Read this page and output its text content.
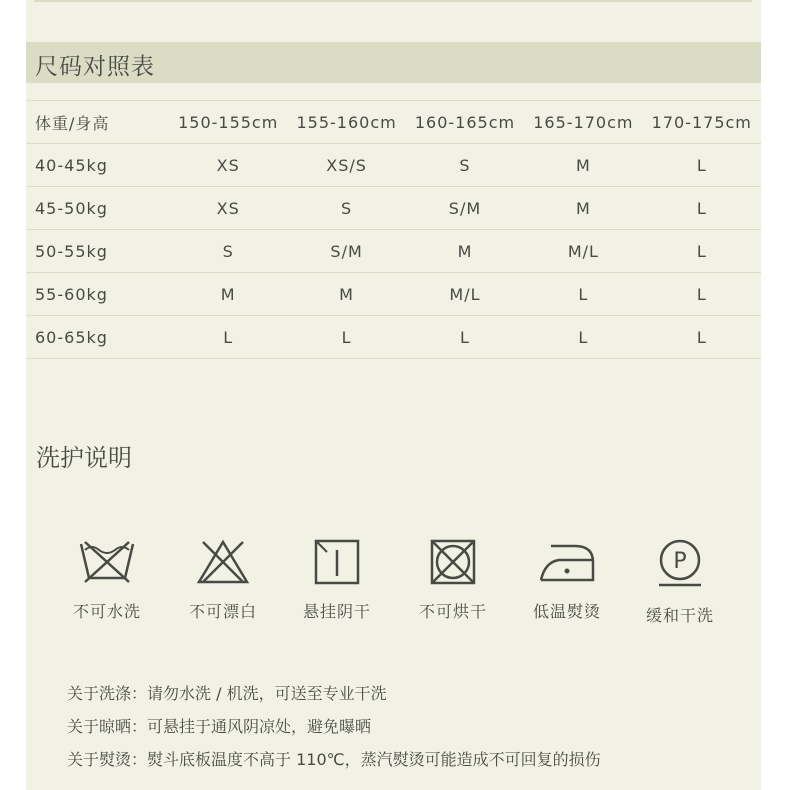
尺码对照表
体重/身高	150-155cm	155-160cm	160-165cm	165-170cm	170-175cm
40-45kg	XS	XS/S	S	M	L
45-50kg	XS	S	S/M	M	L
50-55kg	S	S/M	M	M/L	L
55-60kg	M	M	M/L	L	L
60-65kg	L	L	L	L	L
洗护说明
不可水洗	不可漂白	悬挂阴干	不可烘干	低温熨烫
P
缓和干洗
关于洗涤：请勿水洗 / 机洗，可送至专业干洗
关于晾晒：可悬挂于通风阴凉处，避免曝晒
关于熨烫：熨斗底板温度不高于 110℃，蒸汽熨烫可能造成不可回复的损伤
